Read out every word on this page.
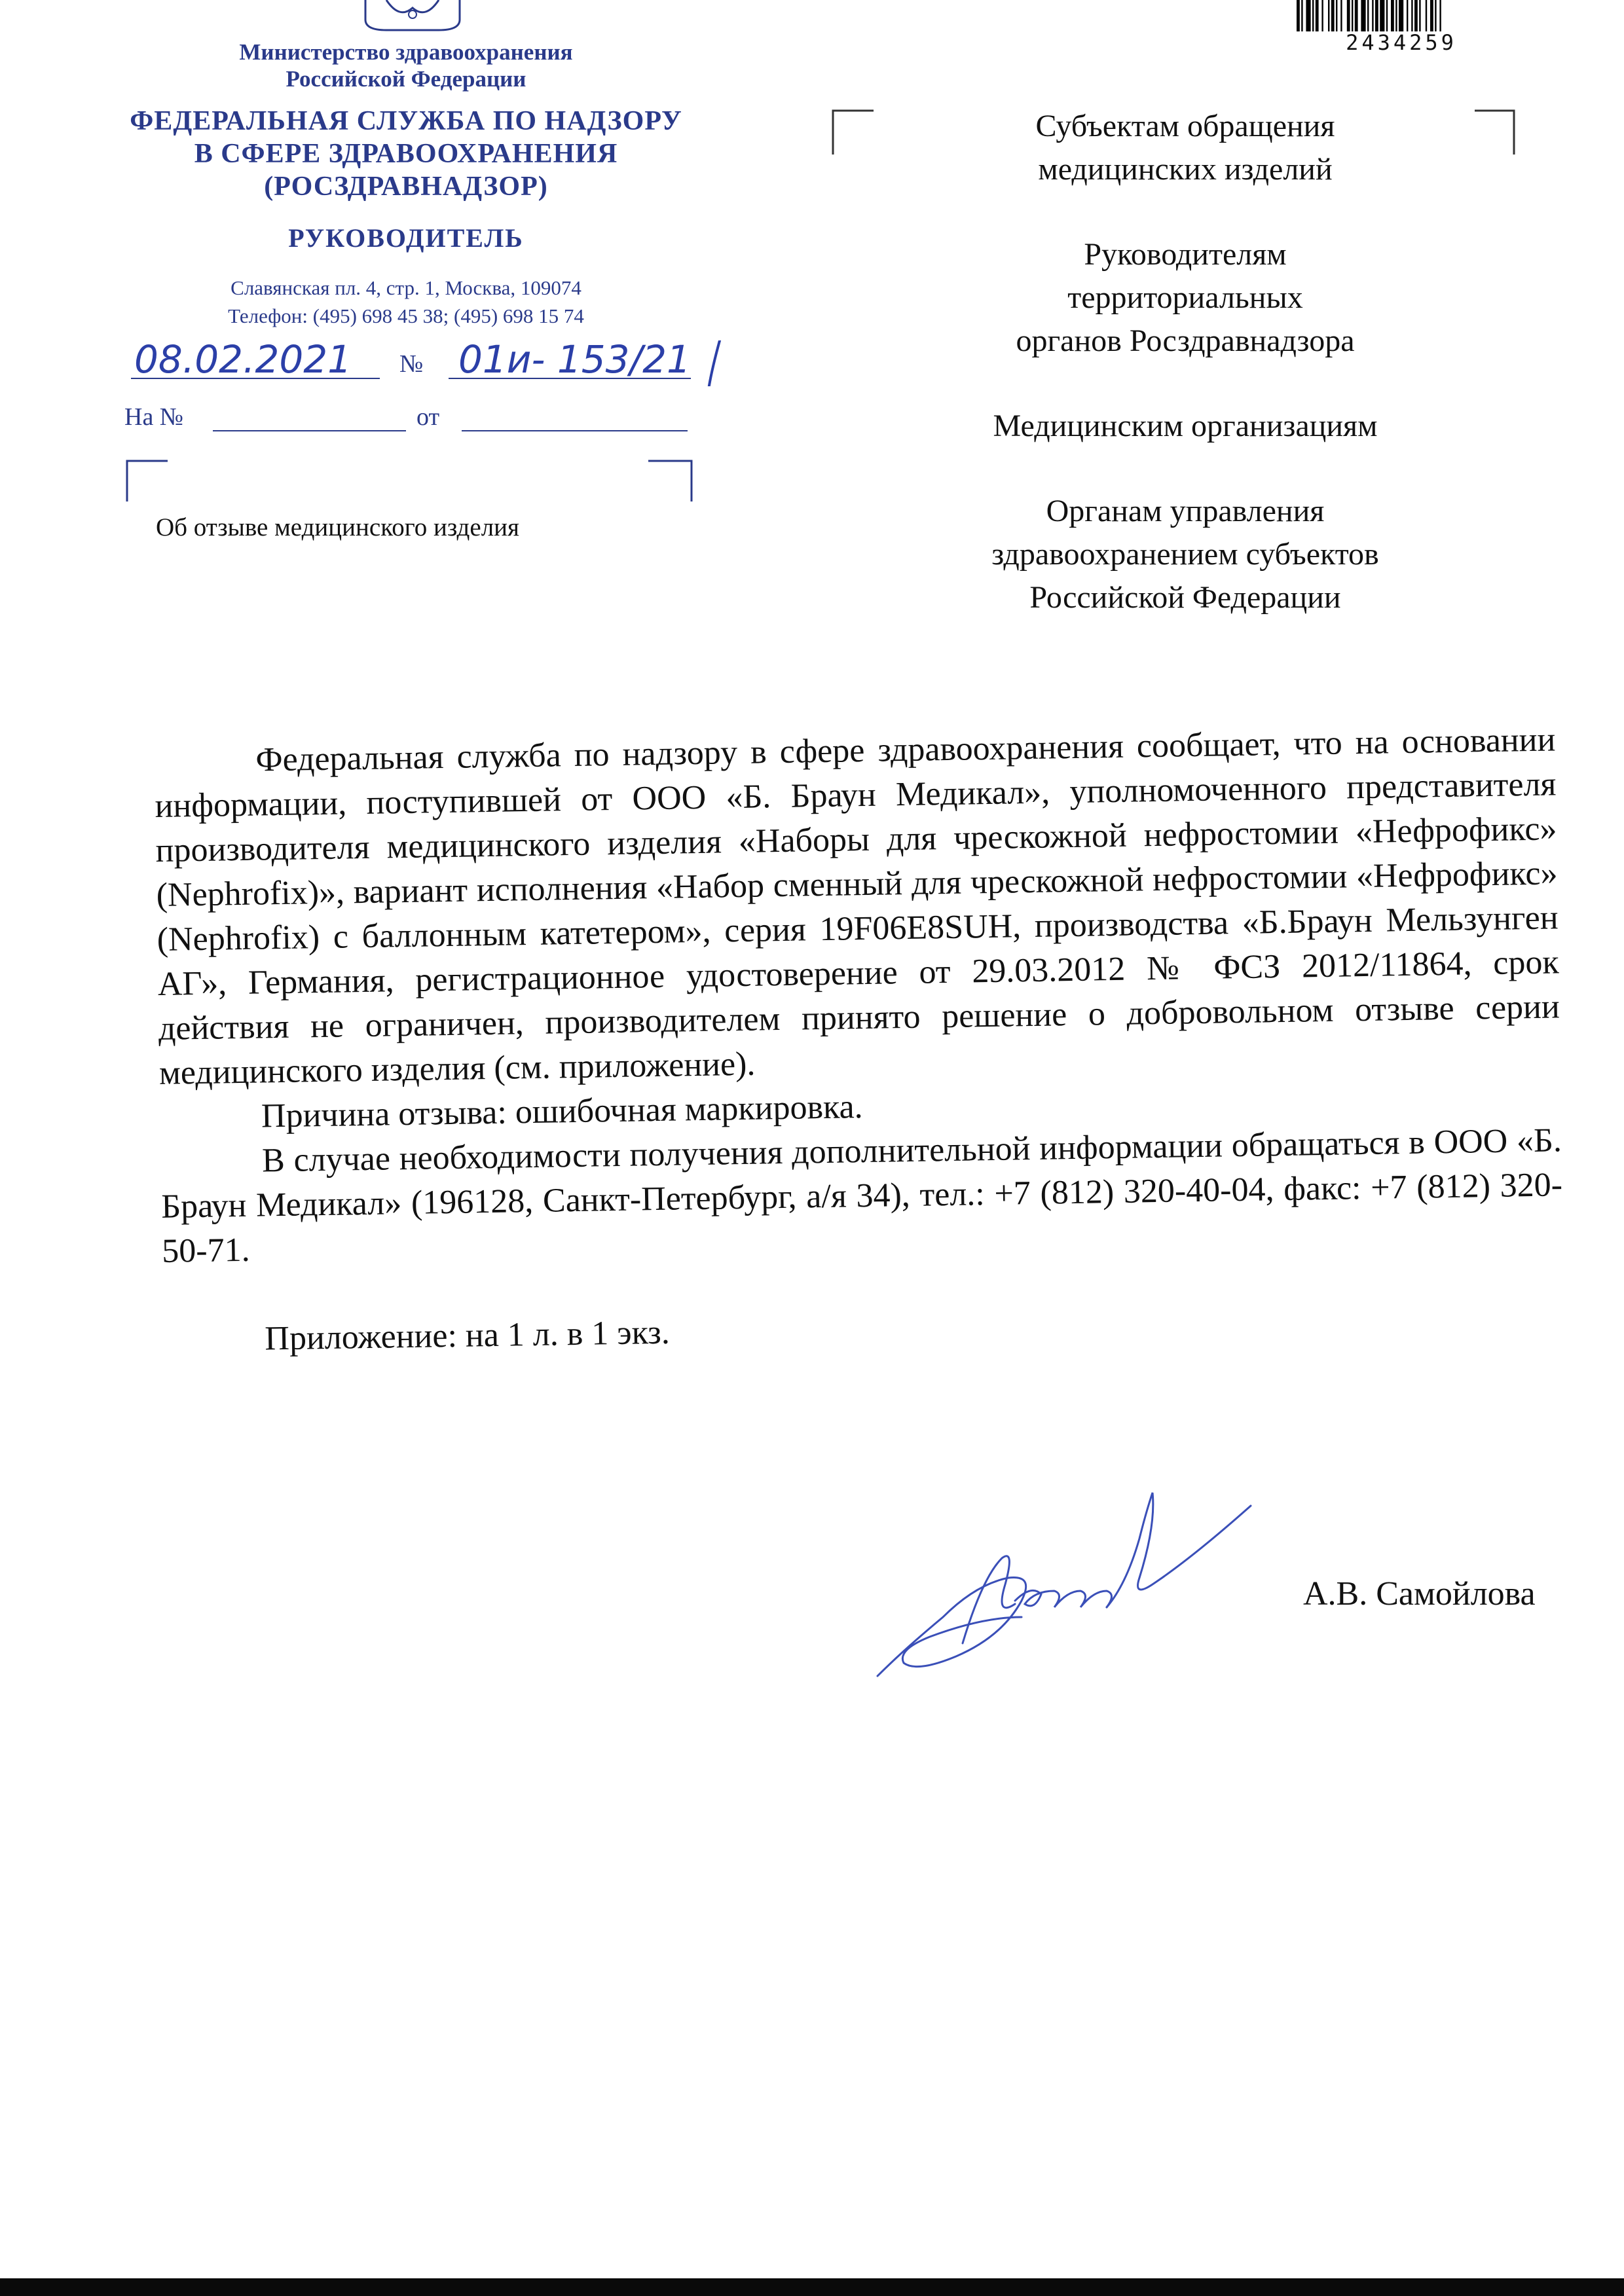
2434259
Министерство здравоохранения
Российской Федерации
ФЕДЕРАЛЬНАЯ СЛУЖБА ПО НАДЗОРУ
В СФЕРЕ ЗДРАВООХРАНЕНИЯ
(РОСЗДРАВНАДЗОР)
РУКОВОДИТЕЛЬ
Славянская пл. 4, стр. 1, Москва, 109074
Телефон: (495) 698 45 38; (495) 698 15 74
08.02.2021 № 01и- 153/21
На №	от
Об отзыве медицинского изделия
Субъектам обращения
медицинских изделий
Руководителям
территориальных
органов Росздравнадзора
Медицинским организациям
Органам управления
здравоохранением субъектов
Российской Федерации

Федеральная служба по надзору в сфере здравоохранения сообщает, что на основании информации, поступившей от ООО «Б. Браун Медикал», уполномоченного представителя производителя медицинского изделия «Наборы для чрескожной нефростомии «Нефрофикс» (Nephrofix)», вариант исполнения «Набор сменный для чрескожной нефростомии «Нефрофикс» (Nephrofix) с баллонным катетером», серия 19F06E8SUH, производства «Б.Браун Мельзунген АГ», Германия, регистрационное удостоверение от 29.03.2012 № ФСЗ 2012/11864, срок действия не ограничен, производителем принято решение о добровольном отзыве серии медицинского изделия (см. приложение).

Причина отзыва: ошибочная маркировка.

В случае необходимости получения дополнительной информации обращаться в ООО «Б. Браун Медикал» (196128, Санкт-Петербург, а/я 34), тел.: +7 (812) 320-40-04, факс: +7 (812) 320-50-71.

Приложение: на 1 л. в 1 экз.

А.В. Самойлова
